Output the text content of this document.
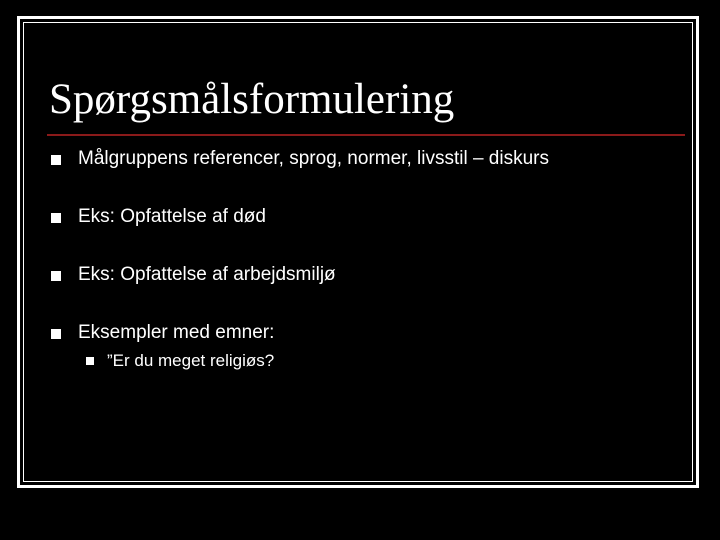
Spørgsmålsformulering
Målgruppens referencer, sprog, normer, livsstil – diskurs
Eks: Opfattelse af død
Eks: Opfattelse af arbejdsmiljø
Eksempler med emner:
”Er du meget religiøs?
